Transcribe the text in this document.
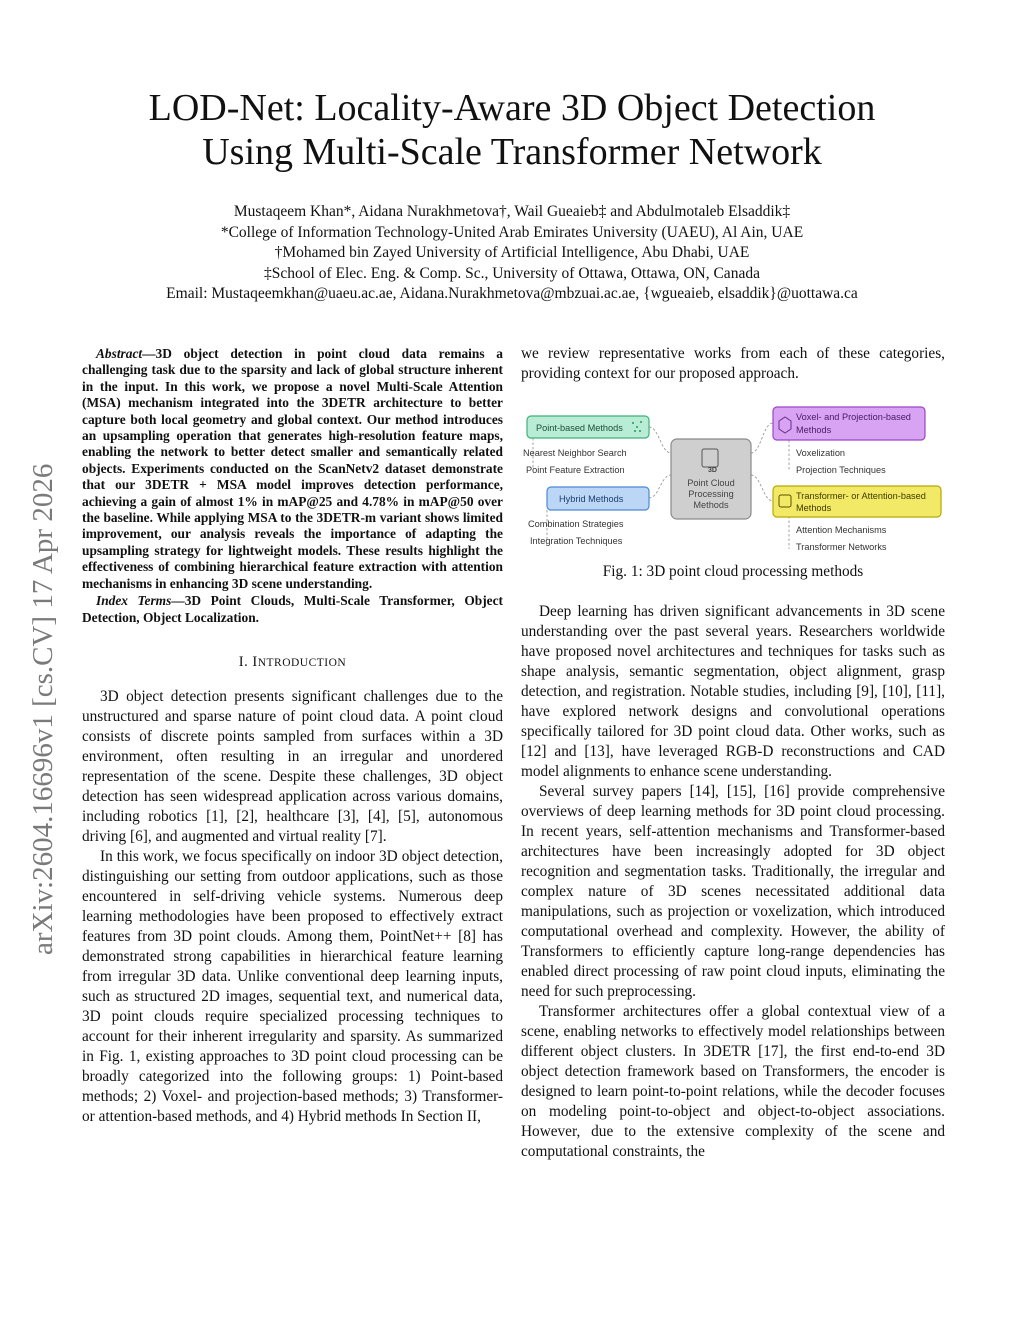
arXiv:2604.16696v1 [cs.CV] 17 Apr 2026
LOD-Net: Locality-Aware 3D Object Detection
Using Multi-Scale Transformer Network
Mustaqeem Khan*, Aidana Nurakhmetova†, Wail Gueaieb‡ and Abdulmotaleb Elsaddik‡
*College of Information Technology-United Arab Emirates University (UAEU), Al Ain, UAE
†Mohamed bin Zayed University of Artificial Intelligence, Abu Dhabi, UAE
‡School of Elec. Eng. & Comp. Sc., University of Ottawa, Ottawa, ON, Canada
Email: Mustaqeemkhan@uaeu.ac.ae, Aidana.Nurakhmetova@mbzuai.ac.ae, {wgueaieb, elsaddik}@uottawa.ca

Abstract—3D object detection in point cloud data remains a challenging task due to the sparsity and lack of global structure inherent in the input. In this work, we propose a novel Multi-Scale Attention (MSA) mechanism integrated into the 3DETR architecture to better capture both local geometry and global context. Our method introduces an upsampling operation that generates high-resolution feature maps, enabling the network to better detect smaller and semantically related objects. Experiments conducted on the ScanNetv2 dataset demonstrate that our 3DETR + MSA model improves detection performance, achieving a gain of almost 1% in mAP@25 and 4.78% in mAP@50 over the baseline. While applying MSA to the 3DETR-m variant shows limited improvement, our analysis reveals the importance of adapting the upsampling strategy for lightweight models. These results highlight the effectiveness of combining hierarchical feature extraction with attention mechanisms in enhancing 3D scene understanding.

Index Terms—3D Point Clouds, Multi-Scale Transformer, Object Detection, Object Localization.

I. INTRODUCTION

3D object detection presents significant challenges due to the unstructured and sparse nature of point cloud data. A point cloud consists of discrete points sampled from surfaces within a 3D environment, often resulting in an irregular and unordered representation of the scene. Despite these challenges, 3D object detection has seen widespread application across various domains, including robotics [1], [2], healthcare [3], [4], [5], autonomous driving [6], and augmented and virtual reality [7].

In this work, we focus specifically on indoor 3D object detection, distinguishing our setting from outdoor applications, such as those encountered in self-driving vehicle systems. Numerous deep learning methodologies have been proposed to effectively extract features from 3D point clouds. Among them, PointNet++ [8] has demonstrated strong capabilities in hierarchical feature learning from irregular 3D data. Unlike conventional deep learning inputs, such as structured 2D images, sequential text, and numerical data, 3D point clouds require specialized processing techniques to account for their inherent irregularity and sparsity. As summarized in Fig. 1, existing approaches to 3D point cloud processing can be broadly categorized into the following groups: 1) Point-based methods; 2) Voxel- and projection-based methods; 3) Transformer- or attention-based methods, and 4) Hybrid methods In Section II,

we review representative works from each of these categories, providing context for our proposed approach.

Point-based Methods
Nearest Neighbor Search
Point Feature Extraction
Hybrid Methods
Combination Strategies
Integration Techniques
3D
Point Cloud
Processing
Methods
Voxel- and Projection-based
Methods
Voxelization
Projection Techniques
Transformer- or Attention-based
Methods
Attention Mechanisms
Transformer Networks
Fig. 1: 3D point cloud processing methods

Deep learning has driven significant advancements in 3D scene understanding over the past several years. Researchers worldwide have proposed novel architectures and techniques for tasks such as shape analysis, semantic segmentation, object alignment, grasp detection, and registration. Notable studies, including [9], [10], [11], have explored network designs and convolutional operations specifically tailored for 3D point cloud data. Other works, such as [12] and [13], have leveraged RGB-D reconstructions and CAD model alignments to enhance scene understanding.

Several survey papers [14], [15], [16] provide comprehensive overviews of deep learning methods for 3D point cloud processing. In recent years, self-attention mechanisms and Transformer-based architectures have been increasingly adopted for 3D object recognition and segmentation tasks. Traditionally, the irregular and complex nature of 3D scenes necessitated additional data manipulations, such as projection or voxelization, which introduced computational overhead and complexity. However, the ability of Transformers to efficiently capture long-range dependencies has enabled direct processing of raw point cloud inputs, eliminating the need for such preprocessing.

Transformer architectures offer a global contextual view of a scene, enabling networks to effectively model relationships between different object clusters. In 3DETR [17], the first end-to-end 3D object detection framework based on Transformers, the encoder is designed to learn point-to-point relations, while the decoder focuses on modeling point-to-object and object-to-object associations. However, due to the extensive complexity of the scene and computational constraints, the
